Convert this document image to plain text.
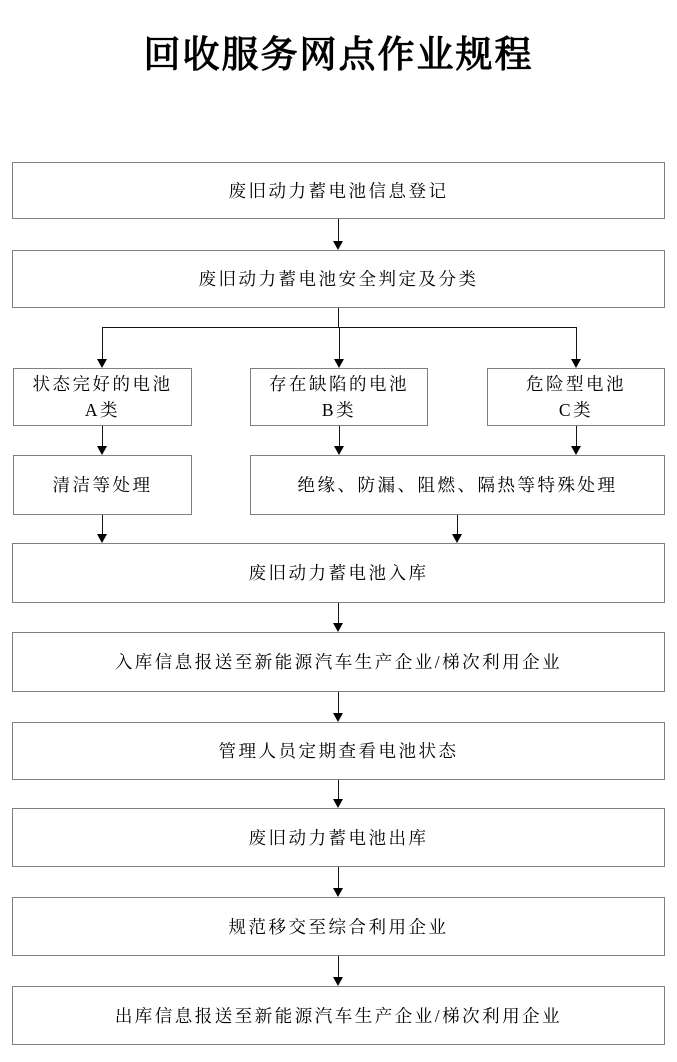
回收服务网点作业规程
废旧动力蓄电池信息登记
废旧动力蓄电池安全判定及分类
状态完好的电池
A类
存在缺陷的电池
B类
危险型电池
C类
清洁等处理	绝缘、防漏、阻燃、隔热等特殊处理
废旧动力蓄电池入库
入库信息报送至新能源汽车生产企业/梯次利用企业
管理人员定期查看电池状态
废旧动力蓄电池出库
规范移交至综合利用企业
出库信息报送至新能源汽车生产企业/梯次利用企业
